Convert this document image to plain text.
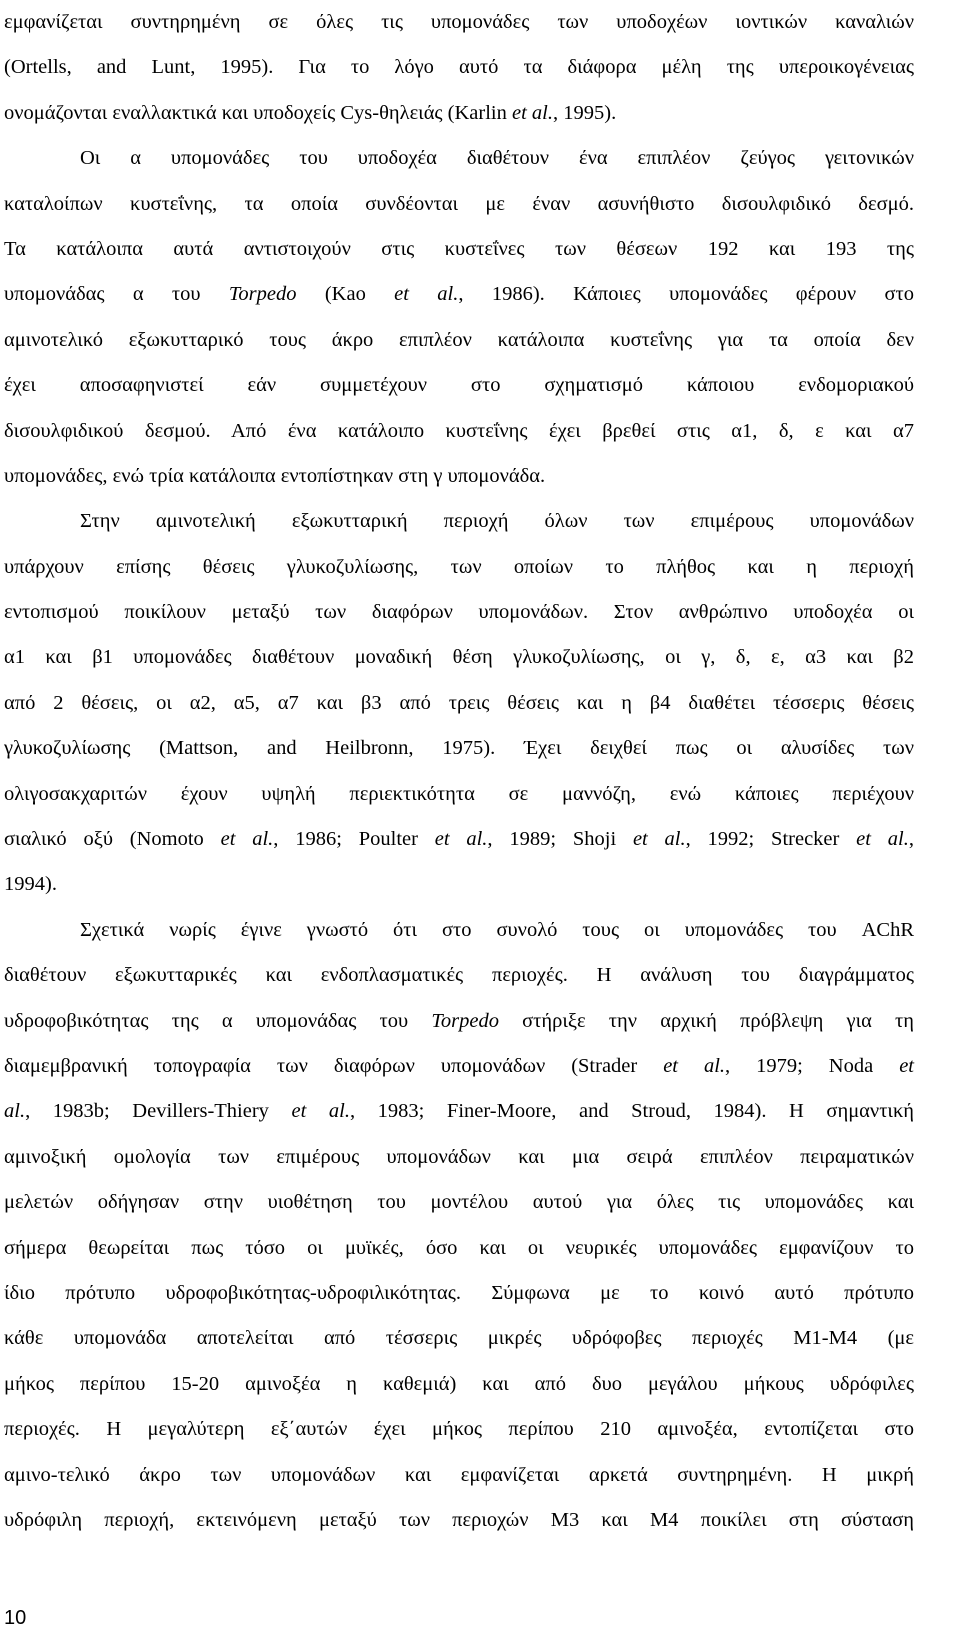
εμφανίζεται συντηρημένη σε όλες τις υπομονάδες των υποδοχέων ιοντικών καναλιών
(Ortells, and Lunt, 1995). Για το λόγο αυτό τα διάφορα μέλη της υπεροικογένειας
ονομάζονται εναλλακτικά και υποδοχείς Cys-θηλειάς (Karlin et al., 1995).
Οι α υπομονάδες του υποδοχέα διαθέτουν ένα επιπλέον ζεύγος γειτονικών
καταλοίπων κυστεΐνης, τα οποία συνδέονται με έναν ασυνήθιστο δισουλφιδικό δεσμό.
Τα κατάλοιπα αυτά αντιστοιχούν στις κυστεΐνες των θέσεων 192 και 193 της
υπομονάδας α του Torpedo (Kao et al., 1986). Κάποιες υπομονάδες φέρουν στο
αμινοτελικό εξωκυτταρικό τους άκρο επιπλέον κατάλοιπα κυστεΐνης για τα οποία δεν
έχει αποσαφηνιστεί εάν συμμετέχουν στο σχηματισμό κάποιου ενδομοριακού
δισουλφιδικού δεσμού. Από ένα κατάλοιπο κυστεΐνης έχει βρεθεί στις α1, δ, ε και α7
υπομονάδες, ενώ τρία κατάλοιπα εντοπίστηκαν στη γ υπομονάδα.
Στην αμινοτελική εξωκυτταρική περιοχή όλων των επιμέρους υπομονάδων
υπάρχουν επίσης θέσεις γλυκοζυλίωσης, των οποίων το πλήθος και η περιοχή
εντοπισμού ποικίλουν μεταξύ των διαφόρων υπομονάδων. Στον ανθρώπινο υποδοχέα οι
α1 και β1 υπομονάδες διαθέτουν μοναδική θέση γλυκοζυλίωσης, οι γ, δ, ε, α3 και β2
από 2 θέσεις, οι α2, α5, α7 και β3 από τρεις θέσεις και η β4 διαθέτει τέσσερις θέσεις
γλυκοζυλίωσης (Mattson, and Heilbronn, 1975). Έχει δειχθεί πως οι αλυσίδες των
ολιγοσακχαριτών έχουν υψηλή περιεκτικότητα σε μαννόζη, ενώ κάποιες περιέχουν
σιαλικό οξύ (Nomoto et al., 1986; Poulter et al., 1989; Shoji et al., 1992; Strecker et al.,
1994).
Σχετικά νωρίς έγινε γνωστό ότι στο συνολό τους οι υπομονάδες του AChR
διαθέτουν εξωκυτταρικές και ενδοπλασματικές περιοχές. Η ανάλυση του διαγράμματος
υδροφοβικότητας της α υπομονάδας του Torpedo στήριξε την αρχική πρόβλεψη για τη
διαμεμβρανική τοπογραφία των διαφόρων υπομονάδων (Strader et al., 1979; Noda et
al., 1983b; Devillers-Thiery et al., 1983; Finer-Moore, and Stroud, 1984). Η σημαντική
αμινοξική ομολογία των επιμέρους υπομονάδων και μια σειρά επιπλέον πειραματικών
μελετών οδήγησαν στην υιοθέτηση του μοντέλου αυτού για όλες τις υπομονάδες και
σήμερα θεωρείται πως τόσο οι μυϊκές, όσο και οι νευρικές υπομονάδες εμφανίζουν το
ίδιο πρότυπο υδροφοβικότητας-υδροφιλικότητας. Σύμφωνα με το κοινό αυτό πρότυπο
κάθε υπομονάδα αποτελείται από τέσσερις μικρές υδρόφοβες περιοχές Μ1-Μ4 (με
μήκος περίπου 15-20 αμινοξέα η καθεμιά) και από δυο μεγάλου μήκους υδρόφιλες
περιοχές. Η μεγαλύτερη εξ΄αυτών έχει μήκος περίπου 210 αμινοξέα, εντοπίζεται στο
αμινο-τελικό άκρο των υπομονάδων και εμφανίζεται αρκετά συντηρημένη. Η μικρή
υδρόφιλη περιοχή, εκτεινόμενη μεταξύ των περιοχών Μ3 και Μ4 ποικίλει στη σύσταση
10
